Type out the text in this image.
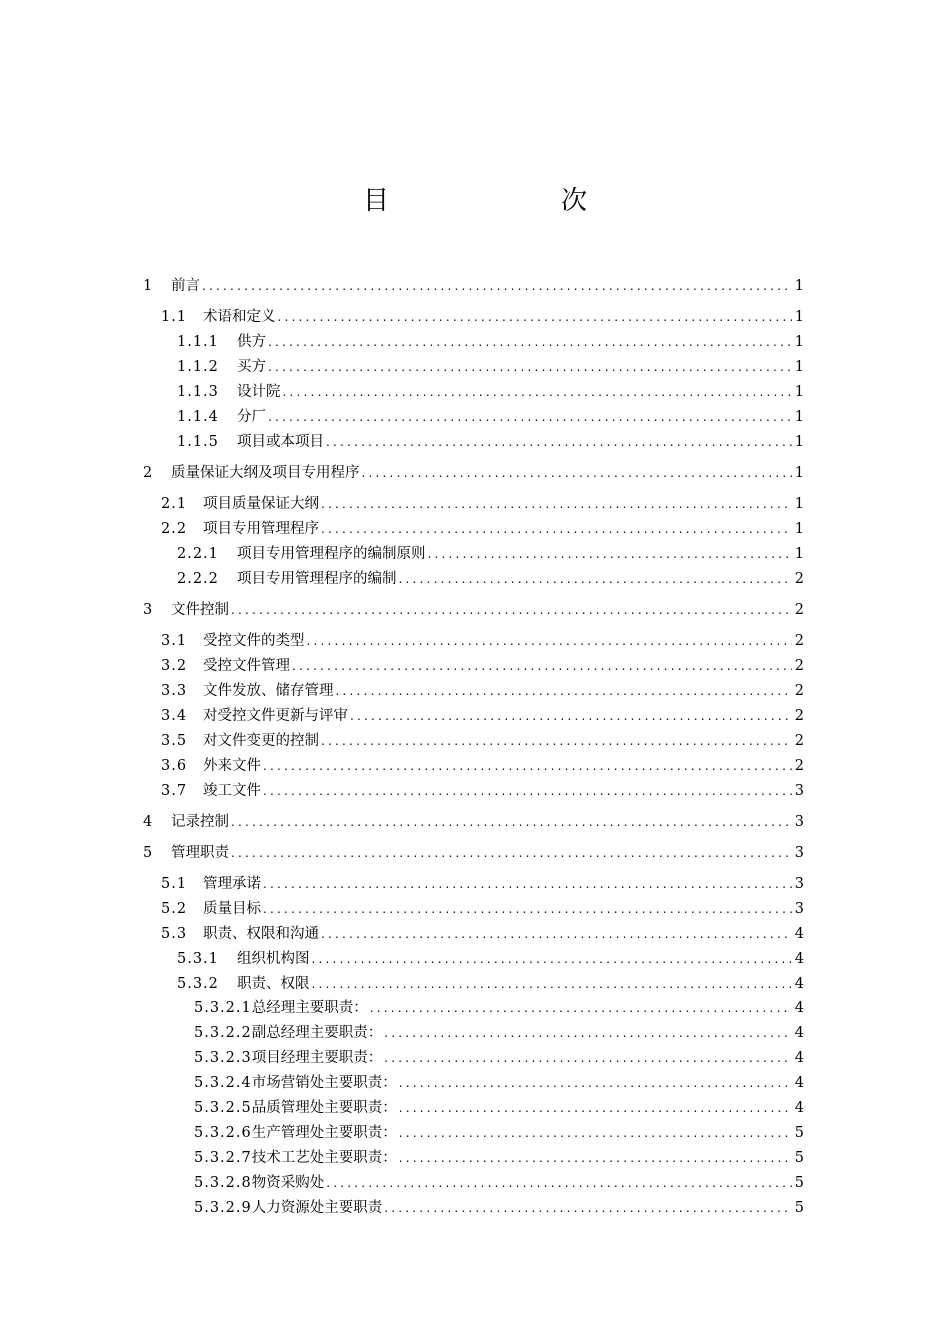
目　　次
1	前言 .....	1
1.1	术语和定义 .....	1
1.1.1	供方 .....	1
1.1.2	买方 .....	1
1.1.3	设计院 .....	1
1.1.4	分厂 .....	1
1.1.5	项目或本项目 .....	1
2	质量保证大纲及项目专用程序 .....	1
2.1	项目质量保证大纲 .....	1
2.2	项目专用管理程序 .....	1
2.2.1	项目专用管理程序的编制原则 .....	1
2.2.2	项目专用管理程序的编制 .....	2
3	文件控制 .....	2
3.1	受控文件的类型 .....	2
3.2	受控文件管理 .....	2
3.3	文件发放、储存管理 .....	2
3.4	对受控文件更新与评审 .....	2
3.5	对文件变更的控制 .....	2
3.6	外来文件 .....	2
3.7	竣工文件 .....	3
4	记录控制 .....	3
5	管理职责 .....	3
5.1	管理承诺 .....	3
5.2	质量目标 .....	3
5.3	职责、权限和沟通 .....	4
5.3.1	组织机构图 .....	4
5.3.2	职责、权限 .....	4
5.3.2.1 总经理主要职责： .....	4
5.3.2.2 副总经理主要职责： .....	4
5.3.2.3 项目经理主要职责： .....	4
5.3.2.4 市场营销处主要职责： .....	4
5.3.2.5 品质管理处主要职责： .....	4
5.3.2.6 生产管理处主要职责： .....	5
5.3.2.7 技术工艺处主要职责： .....	5
5.3.2.8 物资采购处 .....	5
5.3.2.9 人力资源处主要职责 .....	5
